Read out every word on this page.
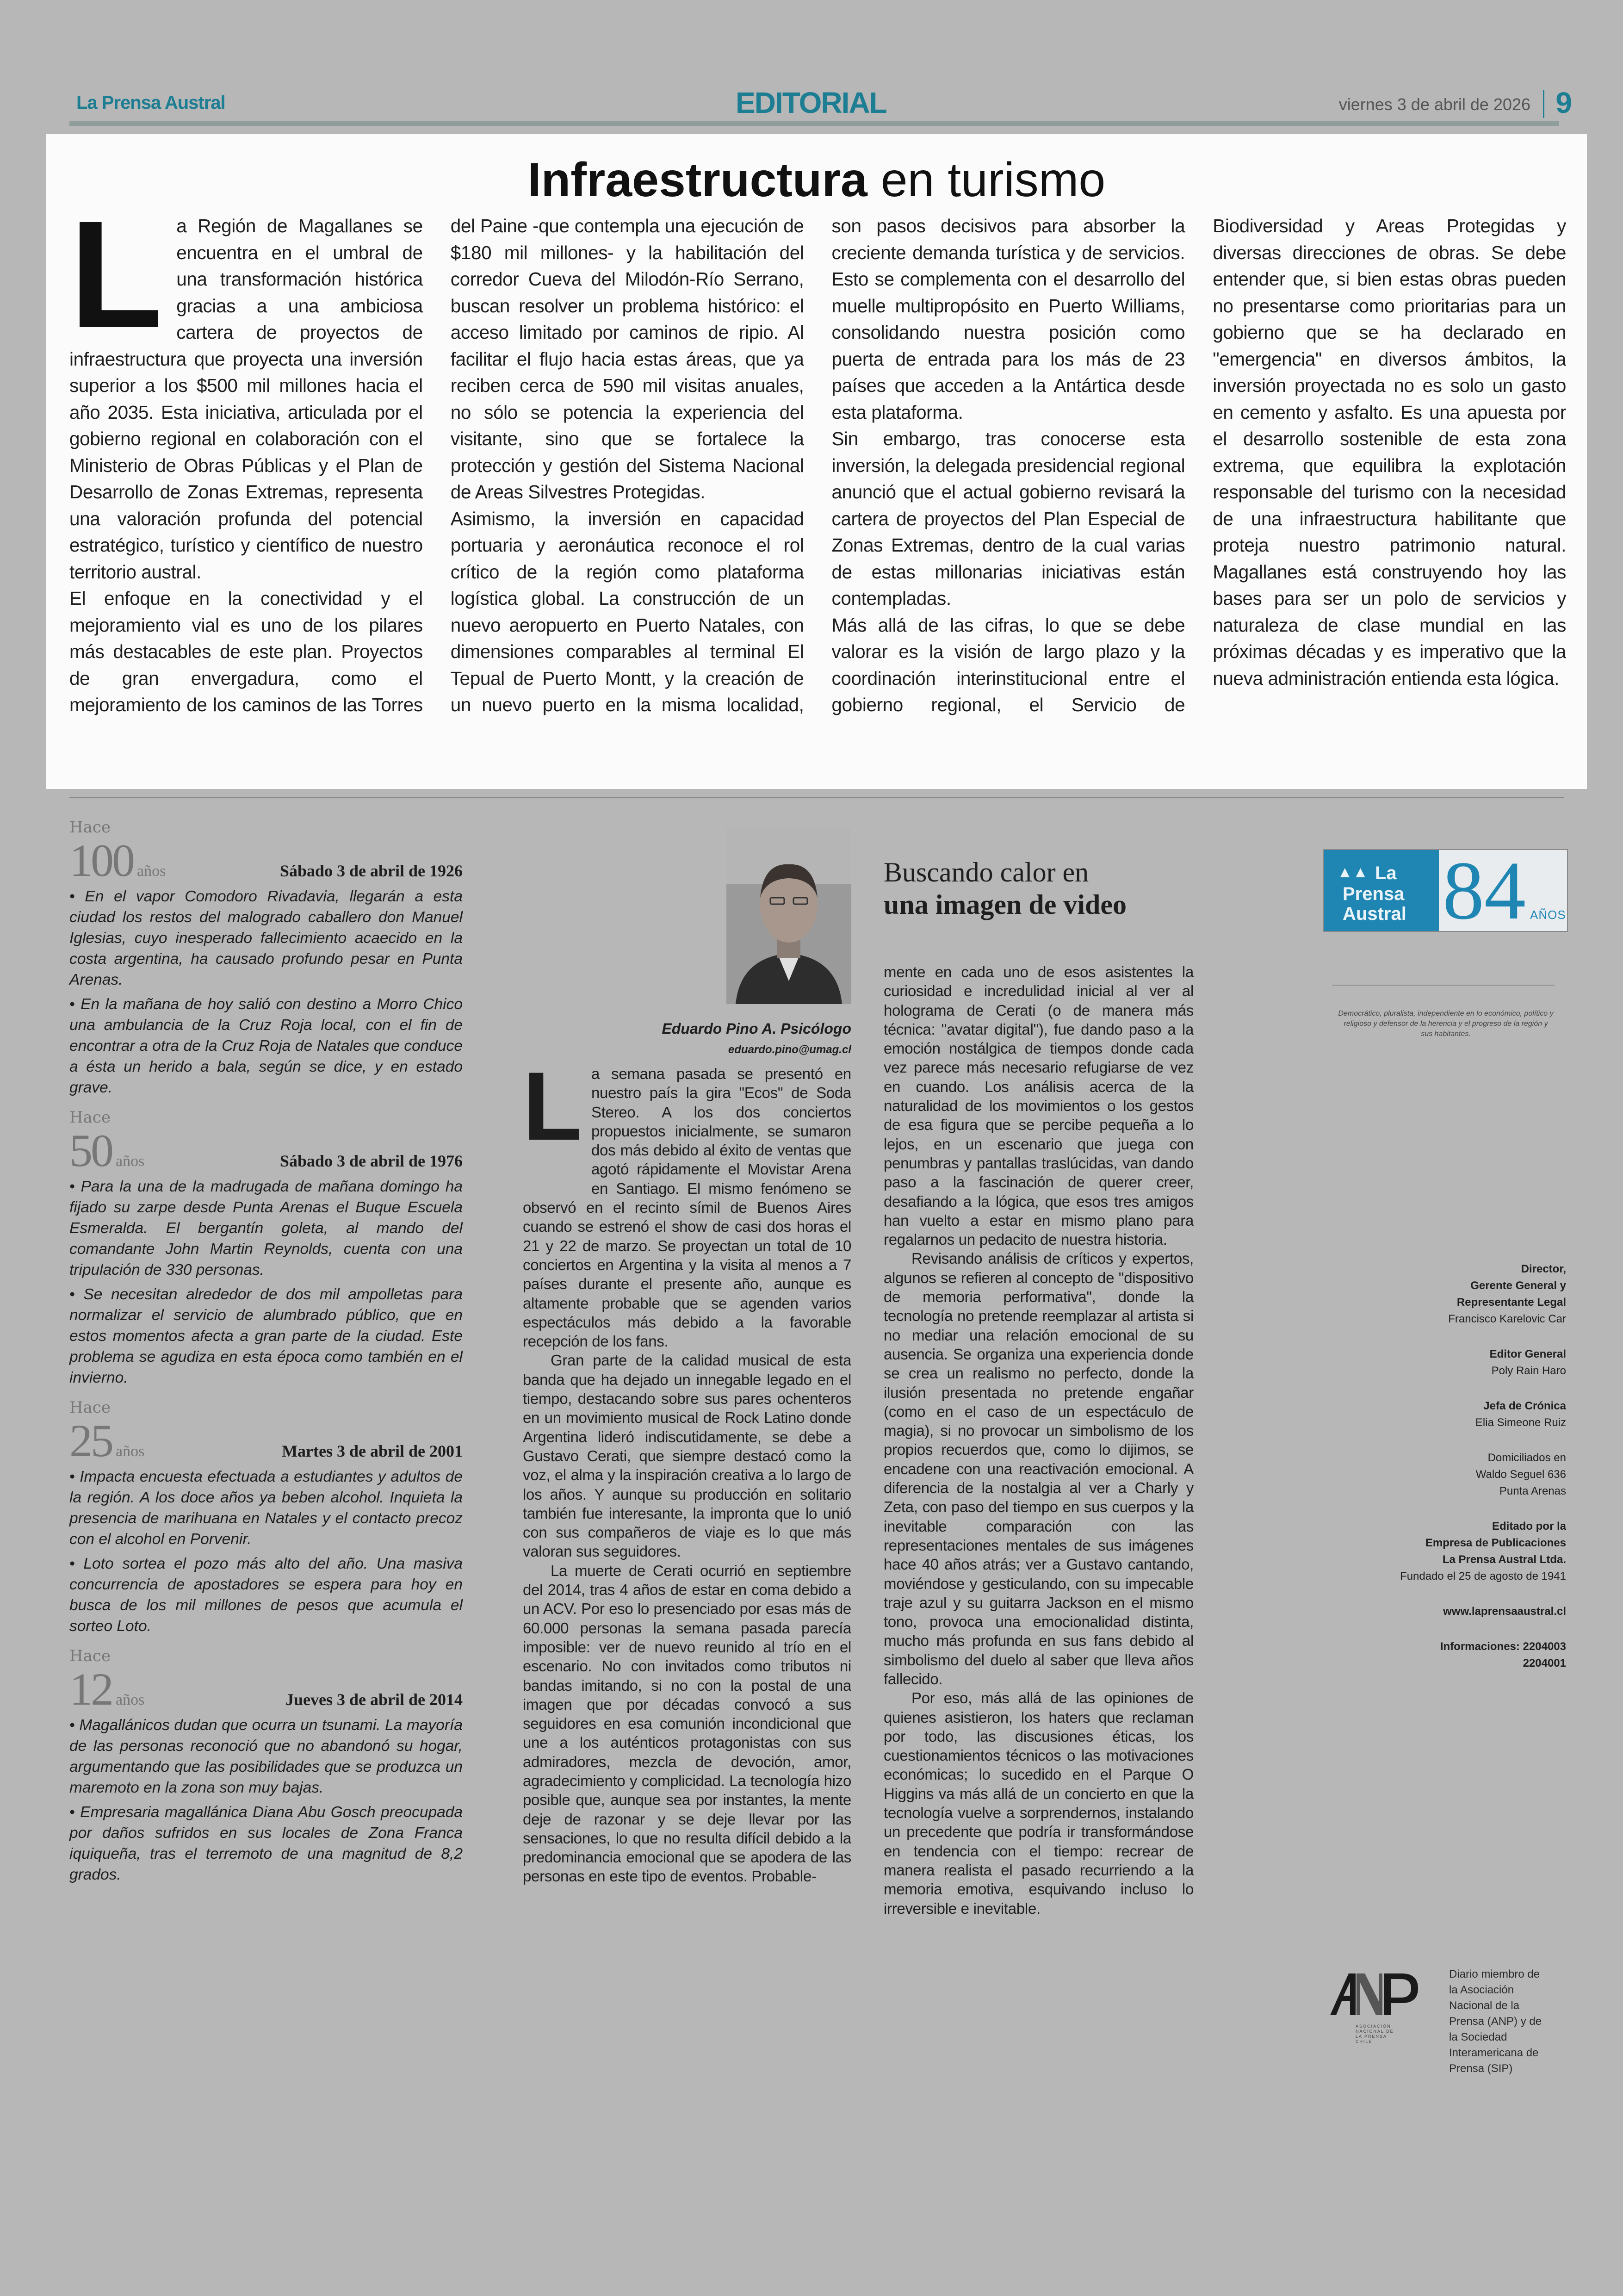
La Prensa Austral	EDITORIAL	viernes 3 de abril de 2026 9
Infraestructura en turismo

La Región de Magallanes se encuentra en el umbral de una transformación histórica gracias a una ambiciosa cartera de proyectos de infraestructura que proyecta una inversión superior a los $500 mil millones hacia el año 2035. Esta iniciativa, articulada por el gobierno regional en colaboración con el Ministerio de Obras Públicas y el Plan de Desarrollo de Zonas Extremas, representa una valoración profunda del potencial estratégico, turístico y científico de nuestro territorio austral.

El enfoque en la conectividad y el mejoramiento vial es uno de los pilares más destacables de este plan. Proyectos de gran envergadura, como el mejoramiento de los caminos de las Torres del Paine -que contempla una ejecución de $180 mil millones- y la habilitación del corredor Cueva del Milodón-Río Serrano, buscan resolver un problema histórico: el acceso limitado por caminos de ripio. Al facilitar el flujo hacia estas áreas, que ya reciben cerca de 590 mil visitas anuales, no sólo se potencia la experiencia del visitante, sino que se fortalece la protección y gestión del Sistema Nacional de Areas Silvestres Protegidas.

Asimismo, la inversión en capacidad portuaria y aeronáutica reconoce el rol crítico de la región como plataforma logística global. La construcción de un nuevo aeropuerto en Puerto Natales, con dimensiones comparables al terminal El Tepual de Puerto Montt, y la creación de un nuevo puerto en la misma localidad, son pasos decisivos para absorber la creciente demanda turística y de servicios. Esto se complementa con el desarrollo del muelle multipropósito en Puerto Williams, consolidando nuestra posición como puerta de entrada para los más de 23 países que acceden a la Antártica desde esta plataforma.

Sin embargo, tras conocerse esta inversión, la delegada presidencial regional anunció que el actual gobierno revisará la cartera de proyectos del Plan Especial de Zonas Extremas, dentro de la cual varias de estas millonarias iniciativas están contempladas.

Más allá de las cifras, lo que se debe valorar es la visión de largo plazo y la coordinación interinstitucional entre el gobierno regional, el Servicio de Biodiversidad y Areas Protegidas y diversas direcciones de obras. Se debe entender que, si bien estas obras pueden no presentarse como prioritarias para un gobierno que se ha declarado en "emergencia" en diversos ámbitos, la inversión proyectada no es solo un gasto en cemento y asfalto. Es una apuesta por el desarrollo sostenible de esta zona extrema, que equilibra la explotación responsable del turismo con la necesidad de una infraestructura habilitante que proteja nuestro patrimonio natural. Magallanes está construyendo hoy las bases para ser un polo de servicios y naturaleza de clase mundial en las próximas décadas y es imperativo que la nueva administración entienda esta lógica.

Hace
100 años	Sábado 3 de abril de 1926

• En el vapor Comodoro Rivadavia, llegarán a esta ciudad los restos del malogrado caballero don Manuel Iglesias, cuyo inesperado fallecimiento acaecido en la costa argentina, ha causado profundo pesar en Punta Arenas.

• En la mañana de hoy salió con destino a Morro Chico una ambulancia de la Cruz Roja local, con el fin de encontrar a otra de la Cruz Roja de Natales que conduce a ésta un herido a bala, según se dice, y en estado grave.

Hace
50 años	Sábado 3 de abril de 1976

• Para la una de la madrugada de mañana domingo ha fijado su zarpe desde Punta Arenas el Buque Escuela Esmeralda. El bergantín goleta, al mando del comandante John Martin Reynolds, cuenta con una tripulación de 330 personas.

• Se necesitan alrededor de dos mil ampolletas para normalizar el servicio de alumbrado público, que en estos momentos afecta a gran parte de la ciudad. Este problema se agudiza en esta época como también en el invierno.

Hace
25 años	Martes 3 de abril de 2001

• Impacta encuesta efectuada a estudiantes y adultos de la región. A los doce años ya beben alcohol. Inquieta la presencia de marihuana en Natales y el contacto precoz con el alcohol en Porvenir.

• Loto sortea el pozo más alto del año. Una masiva concurrencia de apostadores se espera para hoy en busca de los mil millones de pesos que acumula el sorteo Loto.

Hace
12 años	Jueves 3 de abril de 2014

• Magallánicos dudan que ocurra un tsunami. La mayoría de las personas reconoció que no abandonó su hogar, argumentando que las posibilidades que se produzca un maremoto en la zona son muy bajas.

• Empresaria magallánica Diana Abu Gosch preocupada por daños sufridos en sus locales de Zona Franca iquiqueña, tras el terremoto de una magnitud de 8,2 grados.

Eduardo Pino A. Psicólogo
eduardo.pino@umag.cl
Buscando calor en
una imagen de video

La semana pasada se presentó en nuestro país la gira "Ecos" de Soda Stereo. A los dos conciertos propuestos inicialmente, se sumaron dos más debido al éxito de ventas que agotó rápidamente el Movistar Arena en Santiago. El mismo fenómeno se observó en el recinto símil de Buenos Aires cuando se estrenó el show de casi dos horas el 21 y 22 de marzo. Se proyectan un total de 10 conciertos en Argentina y la visita al menos a 7 países durante el presente año, aunque es altamente probable que se agenden varios espectáculos más debido a la favorable recepción de los fans.

Gran parte de la calidad musical de esta banda que ha dejado un innegable legado en el tiempo, destacando sobre sus pares ochenteros en un movimiento musical de Rock Latino donde Argentina lideró indiscutidamente, se debe a Gustavo Cerati, que siempre destacó como la voz, el alma y la inspiración creativa a lo largo de los años. Y aunque su producción en solitario también fue interesante, la impronta que lo unió con sus compañeros de viaje es lo que más valoran sus seguidores.

La muerte de Cerati ocurrió en septiembre del 2014, tras 4 años de estar en coma debido a un ACV. Por eso lo presenciado por esas más de 60.000 personas la semana pasada parecía imposible: ver de nuevo reunido al trío en el escenario. No con invitados como tributos ni bandas imitando, si no con la postal de una imagen que por décadas convocó a sus seguidores en esa comunión incondicional que une a los auténticos protagonistas con sus admiradores, mezcla de devoción, amor, agradecimiento y complicidad. La tecnología hizo posible que, aunque sea por instantes, la mente deje de razonar y se deje llevar por las sensaciones, lo que no resulta difícil debido a la predominancia emocional que se apodera de las personas en este tipo de eventos. Probable-

mente en cada uno de esos asistentes la curiosidad e incredulidad inicial al ver al holograma de Cerati (o de manera más técnica: "avatar digital"), fue dando paso a la emoción nostálgica de tiempos donde cada vez parece más necesario refugiarse de vez en cuando. Los análisis acerca de la naturalidad de los movimientos o los gestos de esa figura que se percibe pequeña a lo lejos, en un escenario que juega con penumbras y pantallas traslúcidas, van dando paso a la fascinación de querer creer, desafiando a la lógica, que esos tres amigos han vuelto a estar en mismo plano para regalarnos un pedacito de nuestra historia.

Revisando análisis de críticos y expertos, algunos se refieren al concepto de "dispositivo de memoria performativa", donde la tecnología no pretende reemplazar al artista si no mediar una relación emocional de su ausencia. Se organiza una experiencia donde se crea un realismo no perfecto, donde la ilusión presentada no pretende engañar (como en el caso de un espectáculo de magia), si no provocar un simbolismo de los propios recuerdos que, como lo dijimos, se encadene con una reactivación emocional. A diferencia de la nostalgia al ver a Charly y Zeta, con paso del tiempo en sus cuerpos y la inevitable comparación con las representaciones mentales de sus imágenes hace 40 años atrás; ver a Gustavo cantando, moviéndose y gesticulando, con su impecable traje azul y su guitarra Jackson en el mismo tono, provoca una emocionalidad distinta, mucho más profunda en sus fans debido al simbolismo del duelo al saber que lleva años fallecido.

Por eso, más allá de las opiniones de quienes asistieron, los haters que reclaman por todo, las discusiones éticas, los cuestionamientos técnicos o las motivaciones económicas; lo sucedido en el Parque O Higgins va más allá de un concierto en que la tecnología vuelve a sorprendernos, instalando un precedente que podría ir transformándose en tendencia con el tiempo: recrear de manera realista el pasado recurriendo a la memoria emotiva, esquivando incluso lo irreversible e inevitable.

▲▲ La
Prensa
Austral 84 AÑOS
Democrático, pluralista, independiente en lo económico, político y religioso y defensor de la herencia y el progreso de la región y sus habitantes.
Director,
Gerente General y
Representante Legal
Francisco Karelovic Car
Editor General
Poly Rain Haro
Jefa de Crónica
Elia Simeone Ruiz
Domiciliados en
Waldo Seguel 636
Punta Arenas
Editado por la
Empresa de Publicaciones
La Prensa Austral Ltda.
Fundado el 25 de agosto de 1941
www.laprensaaustral.cl
Informaciones: 2204003
2204001
ASOCIACIÓN NACIONAL DE LA PRENSA CHILE
Diario miembro de la Asociación Nacional de la Prensa (ANP) y de la Sociedad Interamericana de Prensa (SIP)
